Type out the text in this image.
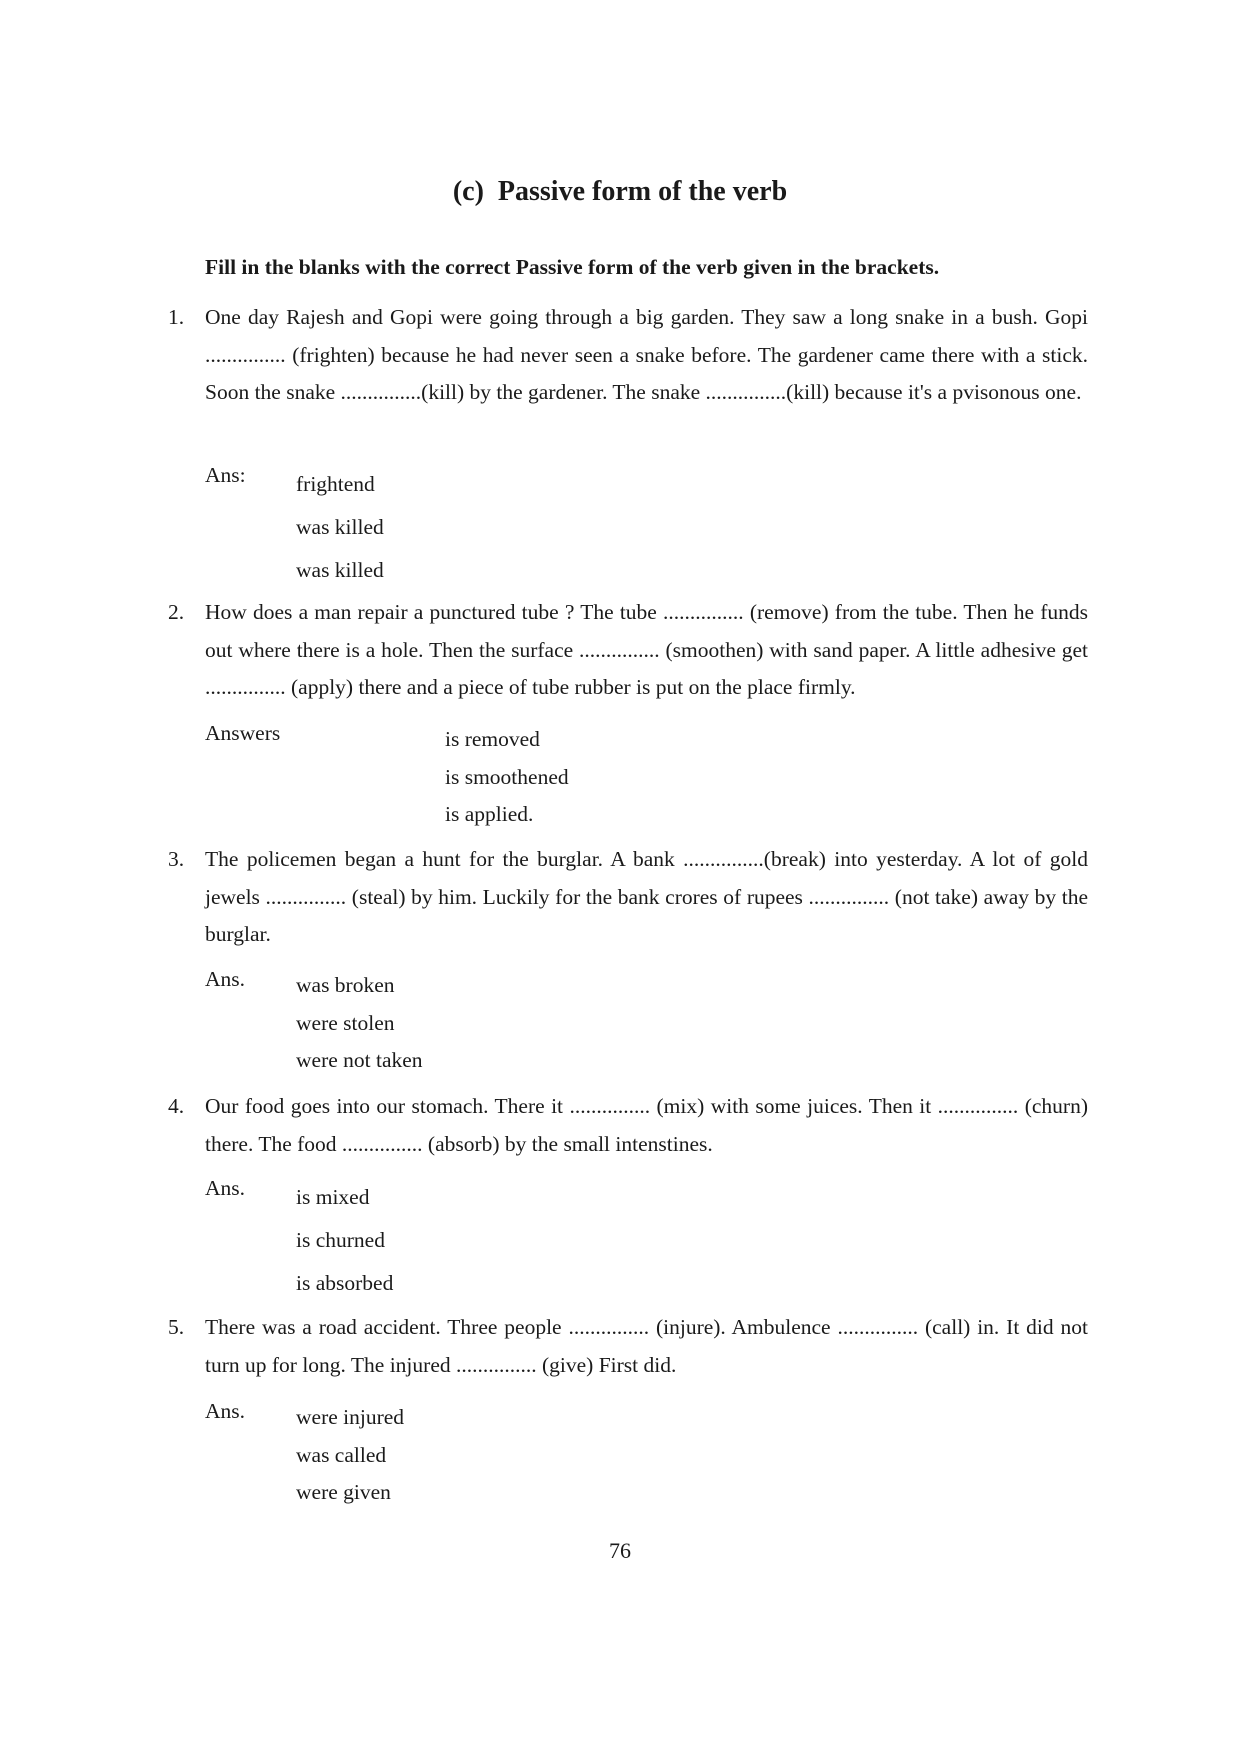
(c) Passive form of the verb

Fill in the blanks with the correct Passive form of the verb given in the brackets.

1. One day Rajesh and Gopi were going through a big garden. They saw a long snake in a bush. Gopi ............... (frighten) because he had never seen a snake before. The gardener came there with a stick. Soon the snake ...............(kill) by the gardener. The snake ...............(kill) because it's a pvisonous one.
Ans: frightend
was killed
was killed
2. How does a man repair a punctured tube ? The tube ............... (remove) from the tube. Then he funds out where there is a hole. Then the surface ............... (smoothen) with sand paper. A little adhesive get ............... (apply) there and a piece of tube rubber is put on the place firmly.
Answers	is removed
is smoothened
is applied.
3. The policemen began a hunt for the burglar. A bank ...............(break) into yesterday. A lot of gold jewels ............... (steal) by him. Luckily for the bank crores of rupees ............... (not take) away by the burglar.
Ans. was broken
were stolen
were not taken
4. Our food goes into our stomach. There it ............... (mix) with some juices. Then it ............... (churn) there. The food ............... (absorb) by the small intenstines.
Ans. is mixed
is churned
is absorbed
5. There was a road accident. Three people ............... (injure). Ambulence ............... (call) in. It did not turn up for long. The injured ............... (give) First did.
Ans. were injured
was called
were given
76
